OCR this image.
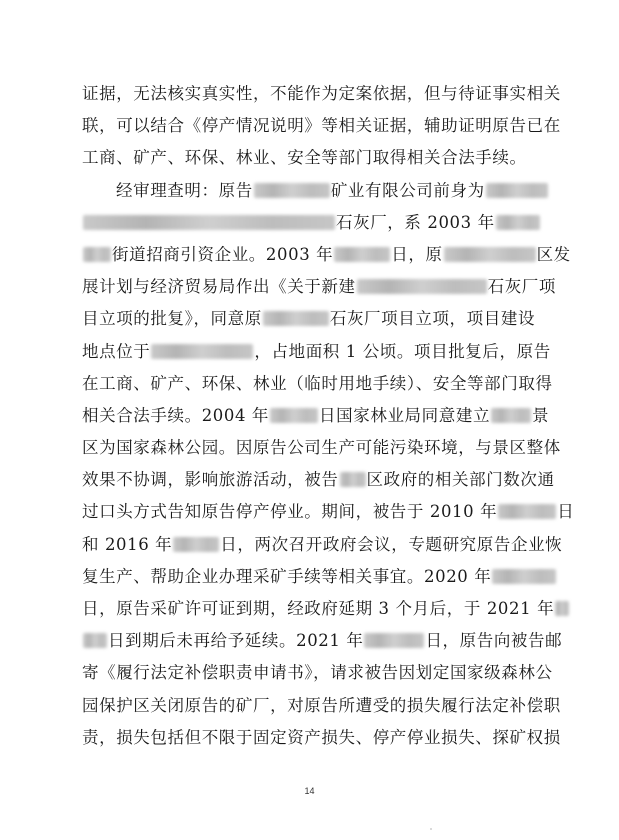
证据，无法核实真实性，不能作为定案依据，但与待证事实相关
联，可以结合《停产情况说明》等相关证据，辅助证明原告已在
工商、矿产、环保、林业、安全等部门取得相关合法手续。
经审理查明：原告	矿业有限公司前身为
石灰厂，系 2003 年
街道招商引资企业。2003 年	日，原	区发
展计划与经济贸易局作出《关于新建	石灰厂项
目立项的批复》，同意原	石灰厂项目立项，项目建设
地点位于	，占地面积 1 公顷。项目批复后，原告
在工商、矿产、环保、林业（临时用地手续）、安全等部门取得
相关合法手续。2004 年	日国家林业局同意建立	景
区为国家森林公园。因原告公司生产可能污染环境，与景区整体
效果不协调，影响旅游活动，被告 区政府的相关部门数次通
过口头方式告知原告停产停业。期间，被告于 2010 年	日
和 2016 年	日，两次召开政府会议，专题研究原告企业恢
复生产、帮助企业办理采矿手续等相关事宜。2020 年
日，原告采矿许可证到期，经政府延期 3 个月后，于 2021 年
日到期后未再给予延续。2021 年	日，原告向被告邮
寄《履行法定补偿职责申请书》，请求被告因划定国家级森林公
园保护区关闭原告的矿厂，对原告所遭受的损失履行法定补偿职
责，损失包括但不限于固定资产损失、停产停业损失、探矿权损
14
